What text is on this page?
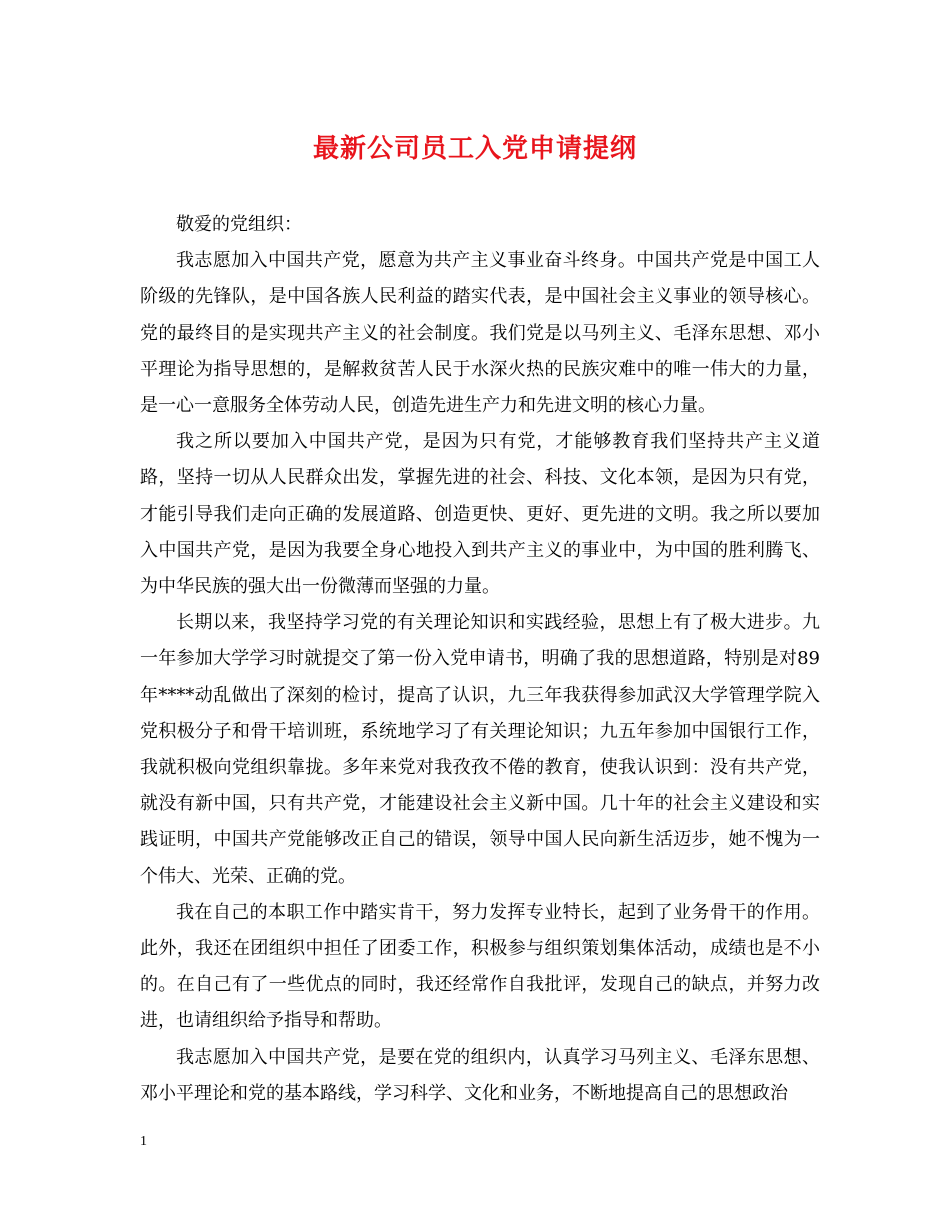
最新公司员工入党申请提纲

敬爱的党组织：

我志愿加入中国共产党，愿意为共产主义事业奋斗终身。中国共产党是中国工人阶级的先锋队，是中国各族人民利益的踏实代表，是中国社会主义事业的领导核心。党的最终目的是实现共产主义的社会制度。我们党是以马列主义、毛泽东思想、邓小平理论为指导思想的，是解救贫苦人民于水深火热的民族灾难中的唯一伟大的力量，是一心一意服务全体劳动人民，创造先进生产力和先进文明的核心力量。

我之所以要加入中国共产党，是因为只有党，才能够教育我们坚持共产主义道路，坚持一切从人民群众出发，掌握先进的社会、科技、文化本领，是因为只有党，才能引导我们走向正确的发展道路、创造更快、更好、更先进的文明。我之所以要加入中国共产党，是因为我要全身心地投入到共产主义的事业中，为中国的胜利腾飞、为中华民族的强大出一份微薄而坚强的力量。

长期以来，我坚持学习党的有关理论知识和实践经验，思想上有了极大进步。九一年参加大学学习时就提交了第一份入党申请书，明确了我的思想道路，特别是对89年****动乱做出了深刻的检讨，提高了认识，九三年我获得参加武汉大学管理学院入党积极分子和骨干培训班，系统地学习了有关理论知识；九五年参加中国银行工作，我就积极向党组织靠拢。多年来党对我孜孜不倦的教育，使我认识到：没有共产党，就没有新中国，只有共产党，才能建设社会主义新中国。几十年的社会主义建设和实践证明，中国共产党能够改正自己的错误，领导中国人民向新生活迈步，她不愧为一个伟大、光荣、正确的党。

我在自己的本职工作中踏实肯干，努力发挥专业特长，起到了业务骨干的作用。此外，我还在团组织中担任了团委工作，积极参与组织策划集体活动，成绩也是不小的。在自己有了一些优点的同时，我还经常作自我批评，发现自己的缺点，并努力改进，也请组织给予指导和帮助。

我志愿加入中国共产党，是要在党的组织内，认真学习马列主义、毛泽东思想、邓小平理论和党的基本路线，学习科学、文化和业务，不断地提高自己的思想政治

1
